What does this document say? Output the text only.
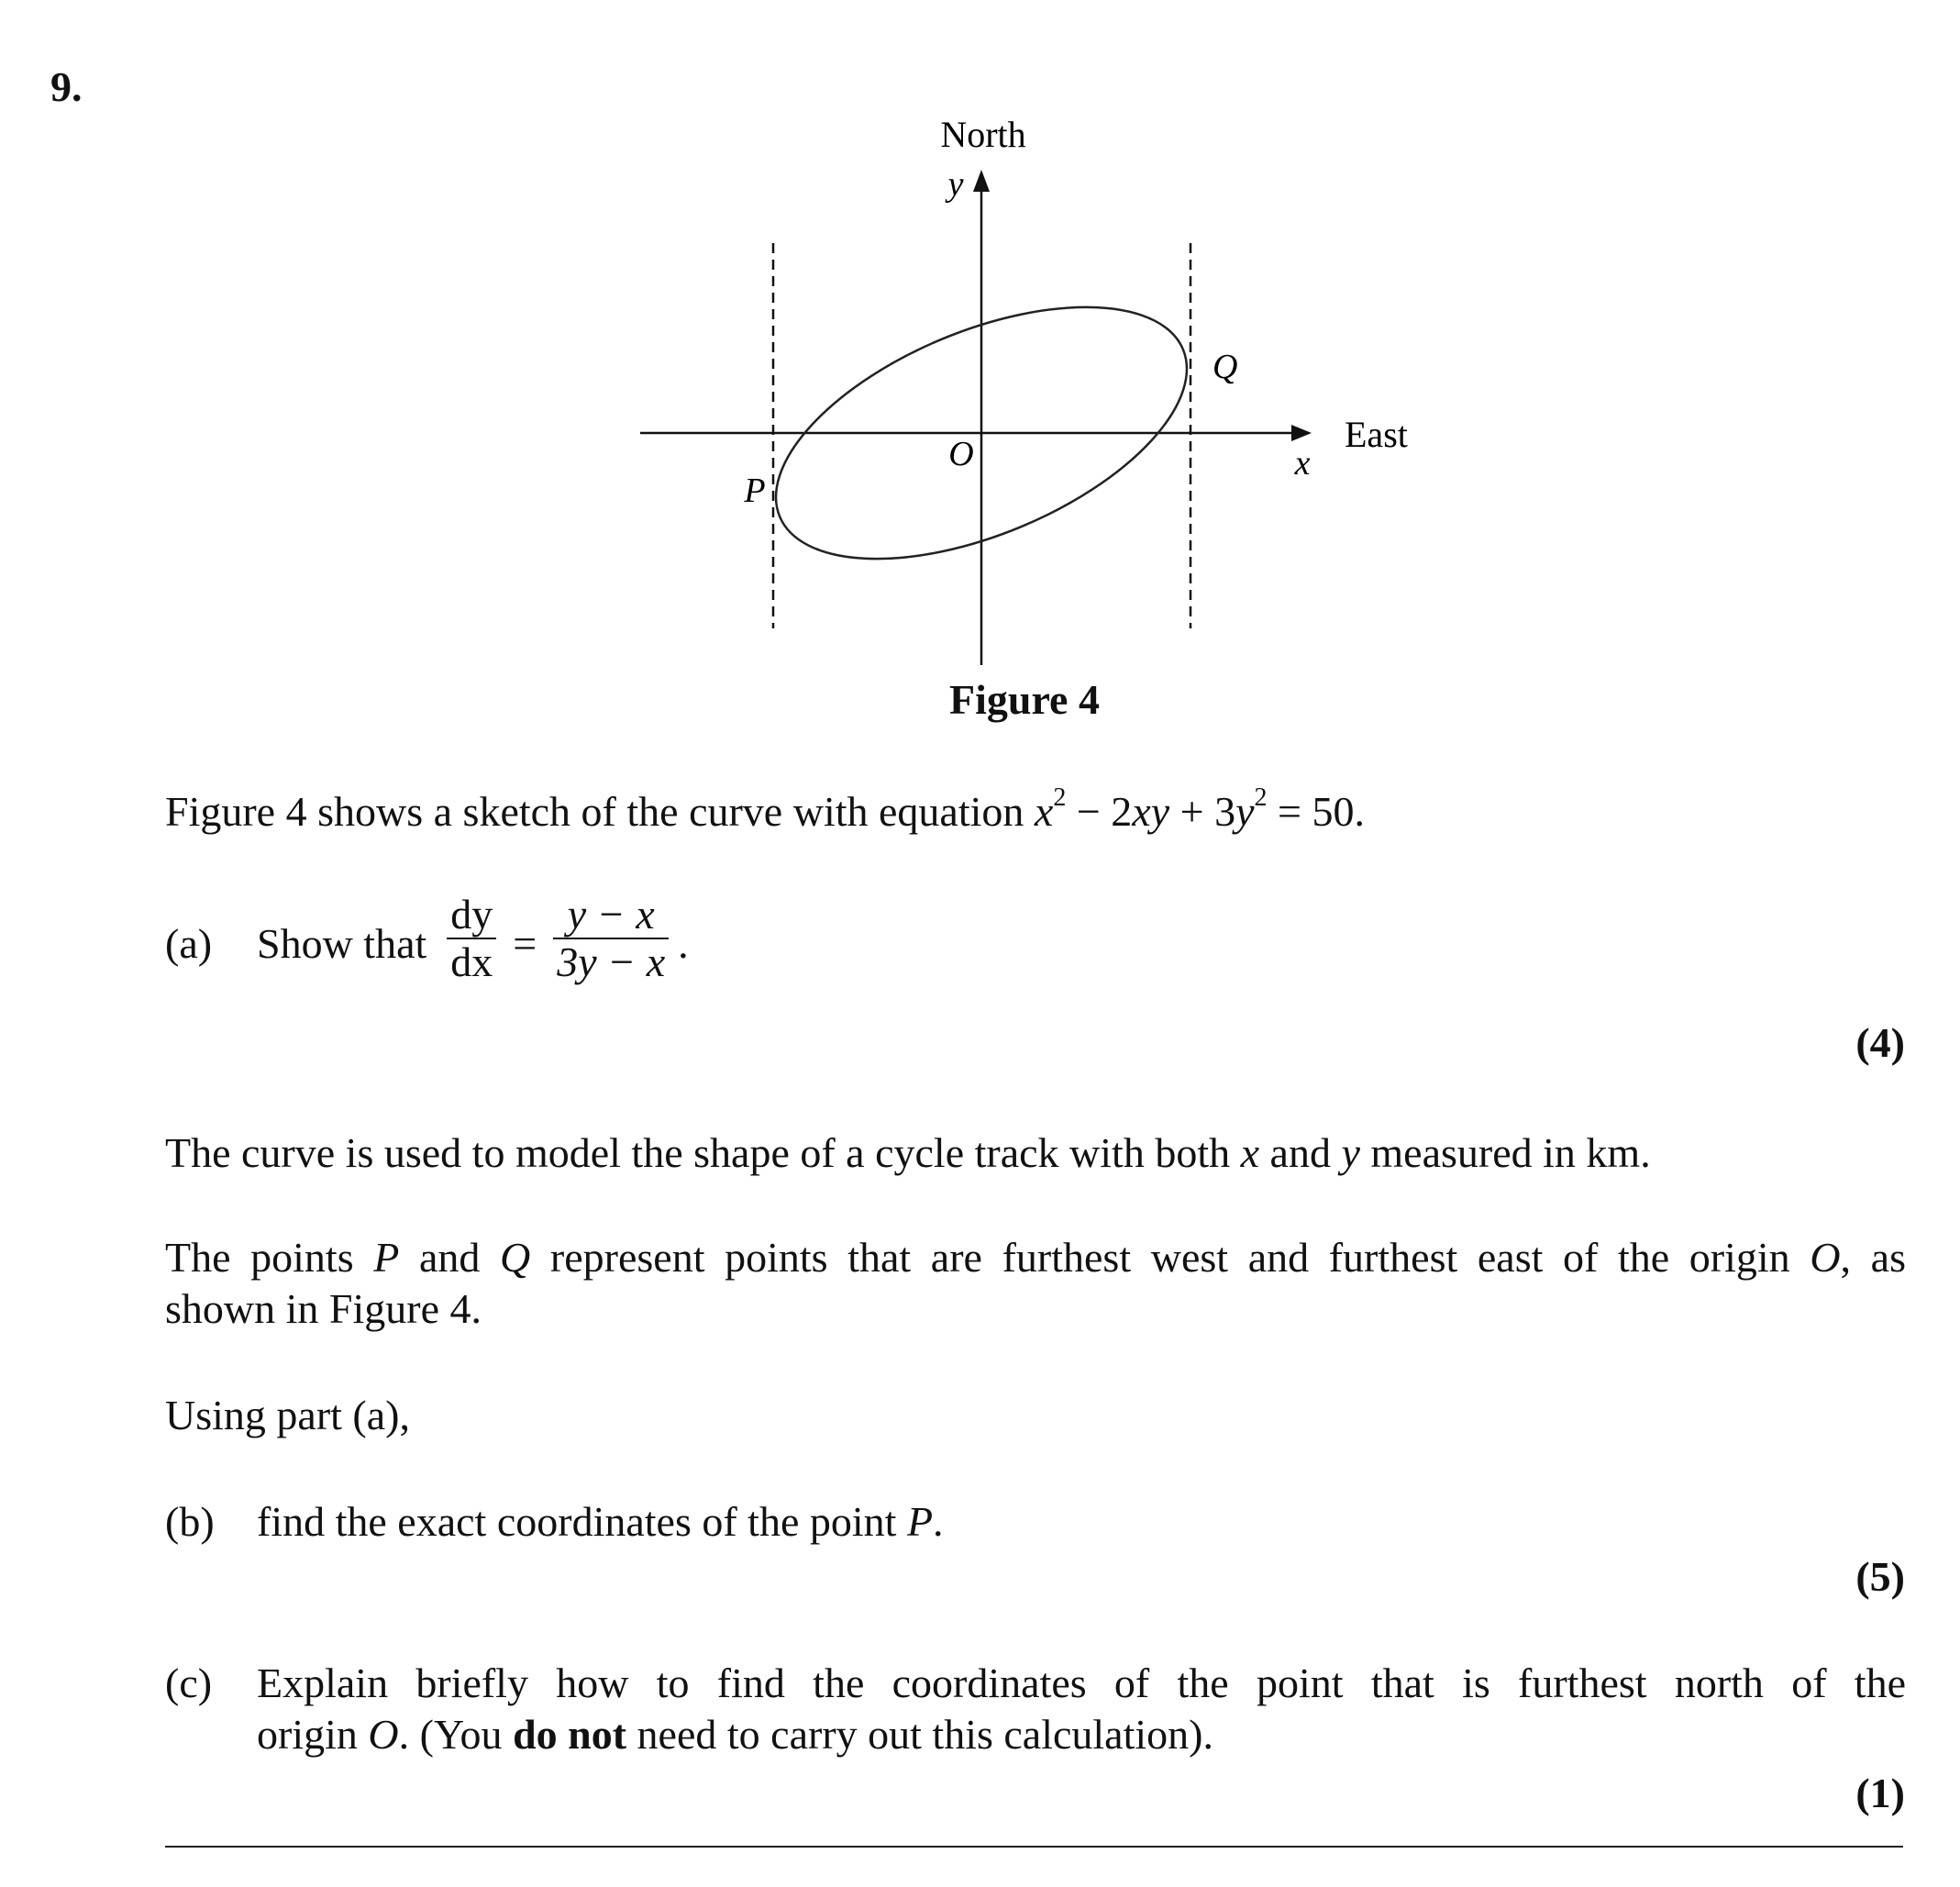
9.
North
y
East
x
O
P
Q
Figure 4
Figure 4 shows a sketch of the curve with equation $x^2 - 2xy + 3y^2 = 50$.
(a)	Show that $\frac{dy}{dx} = \frac{y - x}{3y - x}$ .
(4)
The curve is used to model the shape of a cycle track with both x and y measured in km.
The points P and Q represent points that are furthest west and furthest east of the origin O, as
shown in Figure 4.
Using part (a),
(b) find the exact coordinates of the point P.
(5)
(c)	Explain briefly how to find the coordinates of the point that is furthest north of the
origin O. (You do not need to carry out this calculation).
(1)
